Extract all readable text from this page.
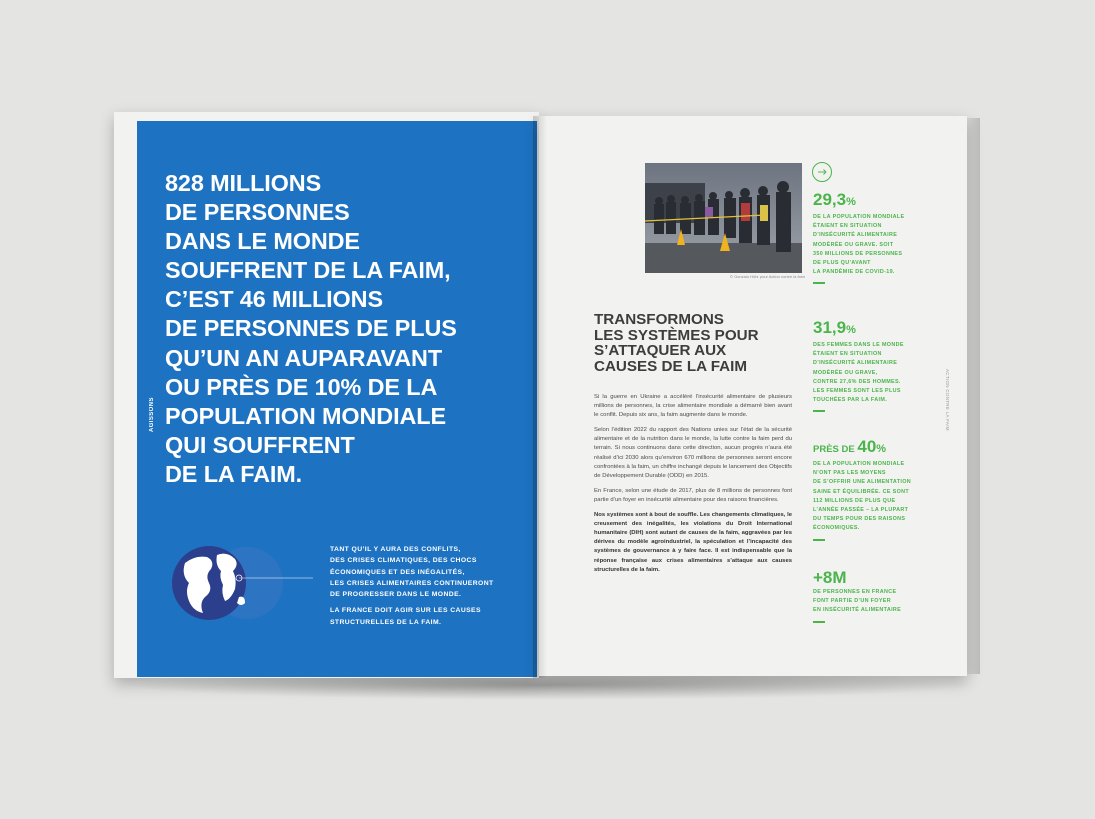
AGISSONS
828 MILLIONS
DE PERSONNES
DANS LE MONDE
SOUFFRENT DE LA FAIM,
C’EST 46 MILLIONS
DE PERSONNES DE PLUS
QU’UN AN AUPARAVANT
OU PRÈS DE 10% DE LA
POPULATION MONDIALE
QUI SOUFFRENT
DE LA FAIM.

TANT QU’IL Y AURA DES CONFLITS,
DES CRISES CLIMATIQUES, DES CHOCS
ÉCONOMIQUES ET DES INÉGALITÉS,
LES CRISES ALIMENTAIRES CONTINUERONT
DE PROGRESSER DANS LE MONDE.

LA FRANCE DOIT AGIR SUR LES CAUSES
STRUCTURELLES DE LA FAIM.

© Gonzalo Höhr pour Action contre la faim
TRANSFORMONS
LES SYSTÈMES POUR
S’ATTAQUER AUX
CAUSES DE LA FAIM

Si la guerre en Ukraine a accéléré l’insécurité alimentaire de plusieurs millions de personnes, la crise alimentaire mondiale a démarré bien avant le conflit. Depuis six ans, la faim augmente dans le monde.

Selon l’édition 2022 du rapport des Nations unies sur l’état de la sécurité alimentaire et de la nutrition dans le monde, la lutte contre la faim perd du terrain. Si nous continuons dans cette direction, aucun progrès n’aura été réalisé d’ici 2030 alors qu’environ 670 millions de personnes seront encore confrontées à la faim, un chiffre inchangé depuis le lancement des Objectifs de Développement Durable (ODD) en 2015.

En France, selon une étude de 2017, plus de 8 millions de personnes font partie d’un foyer en insécurité alimentaire pour des raisons financières.

Nos systèmes sont à bout de souffle. Les changements climatiques, le creusement des inégalités, les violations du Droit International humanitaire (DIH) sont autant de causes de la faim, aggravées par les dérives du modèle agroindustriel, la spéculation et l’incapacité des systèmes de gouvernance à y faire face. Il est indispensable que la réponse française aux crises alimentaires s’attaque aux causes structurelles de la faim.

29,3%
DE LA POPULATION MONDIALE
ÉTAIENT EN SITUATION
D’INSÉCURITÉ ALIMENTAIRE
MODÉRÉE OU GRAVE. SOIT
350 MILLIONS DE PERSONNES
DE PLUS QU’AVANT
LA PANDÉMIE DE COVID-19.
31,9%
DES FEMMES DANS LE MONDE
ÉTAIENT EN SITUATION
D’INSÉCURITÉ ALIMENTAIRE
MODÉRÉE OU GRAVE,
CONTRE 27,6% DES HOMMES.
LES FEMMES SONT LES PLUS
TOUCHÉES PAR LA FAIM.
PRÈS DE 40%
DE LA POPULATION MONDIALE
N’ONT PAS LES MOYENS
DE S’OFFRIR UNE ALIMENTATION
SAINE ET ÉQUILIBRÉE. CE SONT
112 MILLIONS DE PLUS QUE
L’ANNÉE PASSÉE – LA PLUPART
DU TEMPS POUR DES RAISONS
ÉCONOMIQUES.
+8M
DE PERSONNES EN FRANCE
FONT PARTIE D’UN FOYER
EN INSÉCURITÉ ALIMENTAIRE
ACTION CONTRE LA FAIM
